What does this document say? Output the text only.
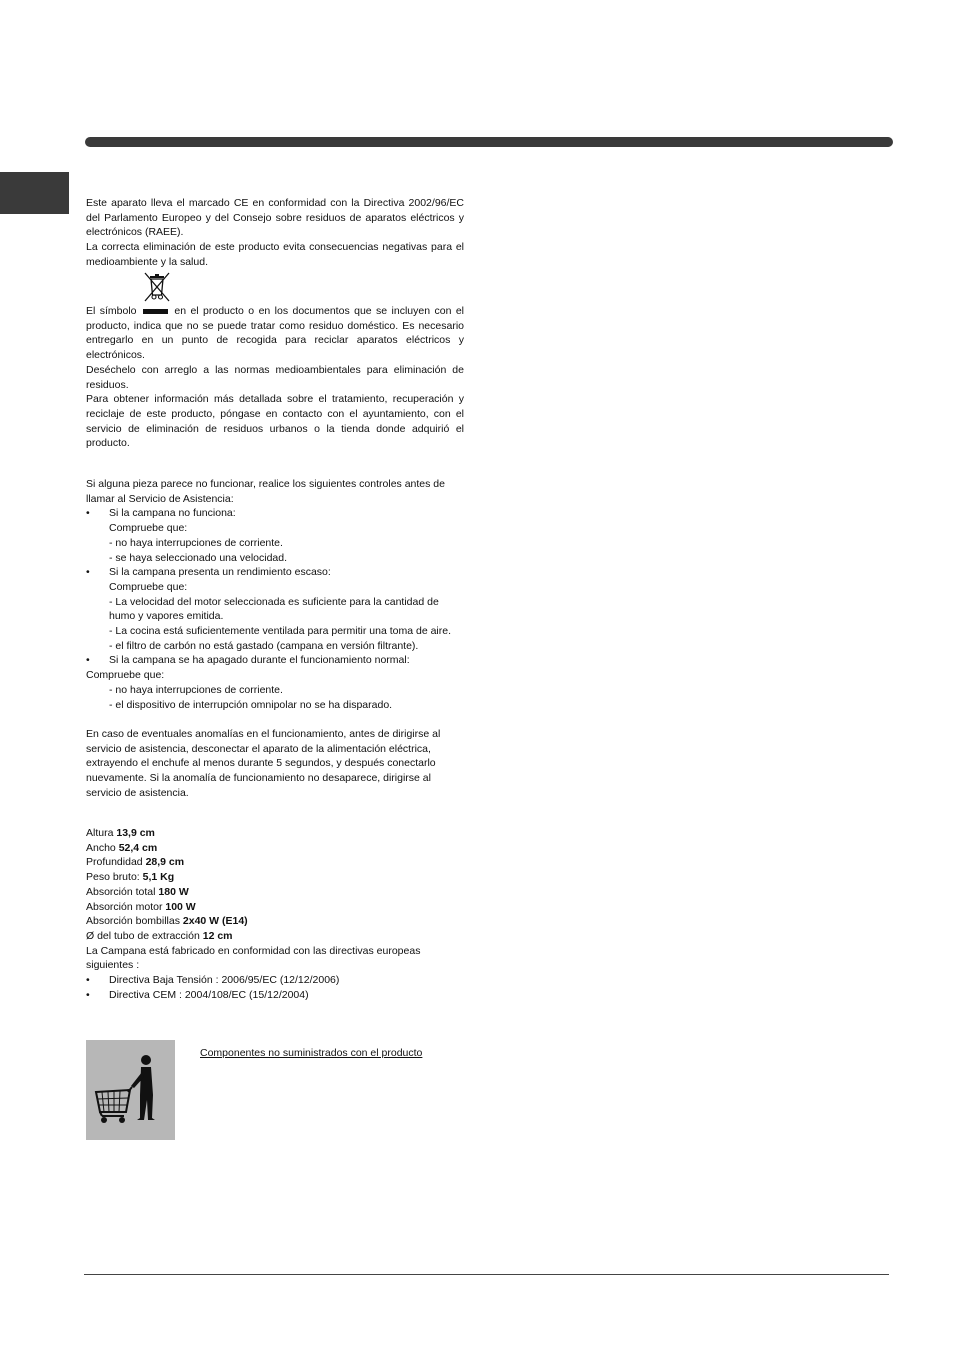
Este aparato lleva el marcado CE en conformidad con la Directiva 2002/96/EC del Parlamento Europeo y del Consejo sobre residuos de aparatos eléctricos y electrónicos (RAEE).

La correcta eliminación de este producto evita consecuencias negativas para el medioambiente y la salud.

El símbolo	en el producto o en los documentos que se incluyen con el producto, indica que no se puede tratar como residuo doméstico. Es necesario entregarlo en un punto de recogida para reciclar aparatos eléctricos y electrónicos.

Deséchelo con arreglo a las normas medioambientales para eliminación de residuos.

Para obtener información más detallada sobre el tratamiento, recuperación y reciclaje de este producto, póngase en contacto con el ayuntamiento, con el servicio de eliminación de residuos urbanos o la tienda donde adquirió el producto.

Si alguna pieza parece no funcionar, realice los siguientes controles antes de llamar al Servicio de Asistencia:

• Si la campana no funciona:

Compruebe que:

- no haya interrupciones de corriente.

- se haya seleccionado una velocidad.

• Si la campana presenta un rendimiento escaso:

Compruebe que:

- La velocidad del motor seleccionada es suficiente para la cantidad de humo y vapores emitida.

- La cocina está suficientemente ventilada para permitir una toma de aire.

- el filtro de carbón no está gastado (campana en versión filtrante).

• Si la campana se ha apagado durante el funcionamiento normal:

Compruebe que:

- no haya interrupciones de corriente.

- el dispositivo de interrupción omnipolar no se ha disparado.

En caso de eventuales anomalías en el funcionamiento, antes de dirigirse al servicio de asistencia, desconectar el aparato de la alimentación eléctrica, extrayendo el enchufe al menos durante 5 segundos, y después conectarlo nuevamente. Si la anomalía de funcionamiento no desaparece, dirigirse al servicio de asistencia.

Altura 13,9 cm

Ancho 52,4 cm

Profundidad 28,9 cm

Peso bruto: 5,1 Kg

Absorción total 180 W

Absorción motor 100 W

Absorción bombillas 2x40 W (E14)

Ø del tubo de extracción 12 cm

La Campana está fabricado en conformidad con las directivas europeas siguientes :

• Directiva Baja Tensión : 2006/95/EC (12/12/2006)

• Directiva CEM : 2004/108/EC (15/12/2004)

Componentes no suministrados con el producto
